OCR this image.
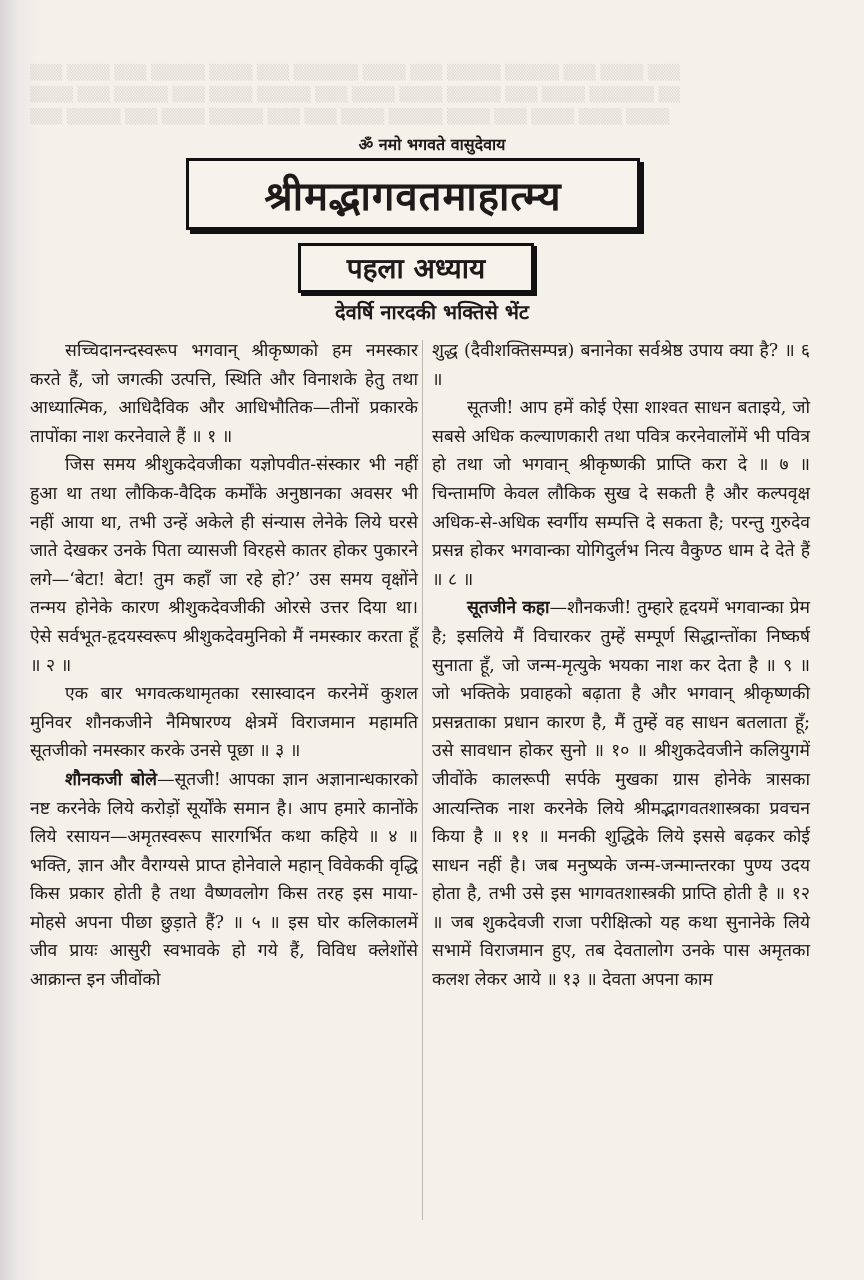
▒▒▒ ▒▒▒▒ ▒▒▒ ▒▒▒▒▒ ▒▒▒▒ ▒▒▒ ▒▒▒▒▒▒ ▒▒▒▒ ▒▒▒ ▒▒▒▒▒ ▒▒▒▒▒ ▒▒▒ ▒▒▒▒ ▒▒▒
▒▒▒▒ ▒▒▒ ▒▒▒▒▒ ▒▒▒ ▒▒▒▒ ▒▒▒▒▒ ▒▒▒ ▒▒▒▒ ▒▒▒▒ ▒▒▒▒▒ ▒▒▒ ▒▒▒▒ ▒▒▒▒▒▒ ▒▒
▒▒▒ ▒▒▒▒▒ ▒▒▒ ▒▒▒▒ ▒▒▒▒▒ ▒▒▒ ▒▒▒ ▒▒▒▒ ▒▒▒▒▒ ▒▒▒▒ ▒▒▒ ▒▒▒▒ ▒▒▒▒ ▒▒▒▒
ॐ नमो भगवते वासुदेवाय
श्रीमद्भागवतमाहात्म्य
पहला अध्याय
देवर्षि नारदकी भक्तिसे भेंट

सच्चिदानन्दस्वरूप भगवान् श्रीकृष्णको हम नमस्कार करते हैं, जो जगत्की उत्पत्ति, स्थिति और विनाशके हेतु तथा आध्यात्मिक, आधिदैविक और आधिभौतिक—तीनों प्रकारके तापोंका नाश करनेवाले हैं ॥ १ ॥

जिस समय श्रीशुकदेवजीका यज्ञोपवीत-संस्कार भी नहीं हुआ था तथा लौकिक-वैदिक कर्मोंके अनुष्ठानका अवसर भी नहीं आया था, तभी उन्हें अकेले ही संन्यास लेनेके लिये घरसे जाते देखकर उनके पिता व्यासजी विरहसे कातर होकर पुकारने लगे—‘बेटा! बेटा! तुम कहाँ जा रहे हो?’ उस समय वृक्षोंने तन्मय होनेके कारण श्रीशुकदेवजीकी ओरसे उत्तर दिया था। ऐसे सर्वभूत-हृदयस्वरूप श्रीशुकदेवमुनिको मैं नमस्कार करता हूँ ॥ २ ॥

एक बार भगवत्कथामृतका रसास्वादन करनेमें कुशल मुनिवर शौनकजीने नैमिषारण्य क्षेत्रमें विराजमान महामति सूतजीको नमस्कार करके उनसे पूछा ॥ ३ ॥

शौनकजी बोले—सूतजी! आपका ज्ञान अज्ञानान्धकारको नष्ट करनेके लिये करोड़ों सूर्योंके समान है। आप हमारे कानोंके लिये रसायन—अमृतस्वरूप सारगर्भित कथा कहिये ॥ ४ ॥ भक्ति, ज्ञान और वैराग्यसे प्राप्त होनेवाले महान् विवेककी वृद्धि किस प्रकार होती है तथा वैष्णवलोग किस तरह इस माया-मोहसे अपना पीछा छुड़ाते हैं? ॥ ५ ॥ इस घोर कलिकालमें जीव प्रायः आसुरी स्वभावके हो गये हैं, विविध क्लेशोंसे आक्रान्त इन जीवोंको

शुद्ध (दैवीशक्तिसम्पन्न) बनानेका सर्वश्रेष्ठ उपाय क्या है? ॥ ६ ॥

सूतजी! आप हमें कोई ऐसा शाश्वत साधन बताइये, जो सबसे अधिक कल्याणकारी तथा पवित्र करनेवालोंमें भी पवित्र हो तथा जो भगवान् श्रीकृष्णकी प्राप्ति करा दे ॥ ७ ॥ चिन्तामणि केवल लौकिक सुख दे सकती है और कल्पवृक्ष अधिक-से-अधिक स्वर्गीय सम्पत्ति दे सकता है; परन्तु गुरुदेव प्रसन्न होकर भगवान्का योगिदुर्लभ नित्य वैकुण्ठ धाम दे देते हैं ॥ ८ ॥

सूतजीने कहा—शौनकजी! तुम्हारे हृदयमें भगवान्का प्रेम है; इसलिये मैं विचारकर तुम्हें सम्पूर्ण सिद्धान्तोंका निष्कर्ष सुनाता हूँ, जो जन्म-मृत्युके भयका नाश कर देता है ॥ ९ ॥ जो भक्तिके प्रवाहको बढ़ाता है और भगवान् श्रीकृष्णकी प्रसन्नताका प्रधान कारण है, मैं तुम्हें वह साधन बतलाता हूँ; उसे सावधान होकर सुनो ॥ १० ॥ श्रीशुकदेवजीने कलियुगमें जीवोंके कालरूपी सर्पके मुखका ग्रास होनेके त्रासका आत्यन्तिक नाश करनेके लिये श्रीमद्भागवतशास्त्रका प्रवचन किया है ॥ ११ ॥ मनकी शुद्धिके लिये इससे बढ़कर कोई साधन नहीं है। जब मनुष्यके जन्म-जन्मान्तरका पुण्य उदय होता है, तभी उसे इस भागवतशास्त्रकी प्राप्ति होती है ॥ १२ ॥ जब शुकदेवजी राजा परीक्षित्को यह कथा सुनानेके लिये सभामें विराजमान हुए, तब देवतालोग उनके पास अमृतका कलश लेकर आये ॥ १३ ॥ देवता अपना काम
